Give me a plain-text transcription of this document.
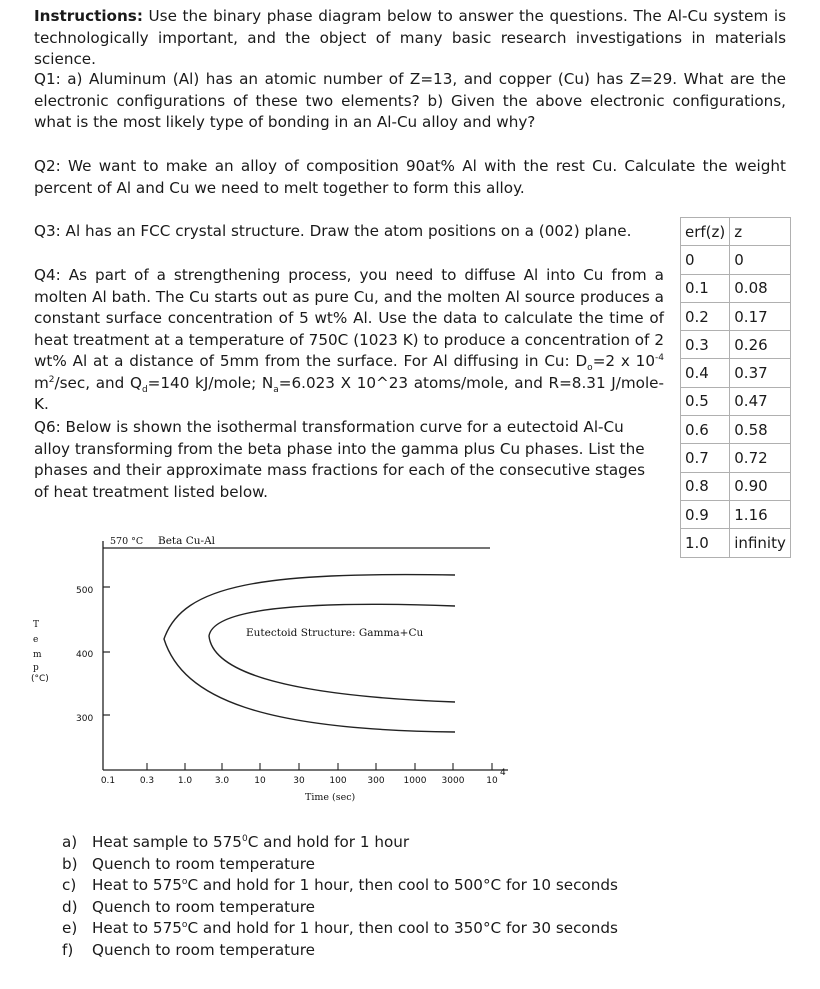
Instructions: Use the binary phase diagram below to answer the questions. The Al-Cu system is technologically important, and the object of many basic research investigations in materials science.
Q1: a) Aluminum (Al) has an atomic number of Z=13, and copper (Cu) has Z=29. What are the electronic configurations of these two elements? b) Given the above electronic configurations, what is the most likely type of bonding in an Al-Cu alloy and why?
Q2: We want to make an alloy of composition 90at% Al with the rest Cu. Calculate the weight percent of Al and Cu we need to melt together to form this alloy.
Q3: Al has an FCC crystal structure. Draw the atom positions on a (002) plane.
Q4: As part of a strengthening process, you need to diffuse Al into Cu from a molten Al bath. The Cu starts out as pure Cu, and the molten Al source produces a constant surface concentration of 5 wt% Al. Use the data to calculate the time of heat treatment at a temperature of 750C (1023 K) to produce a concentration of 2 wt% Al at a distance of 5mm from the surface. For Al diffusing in Cu: $D_o=2$ x $10^{-4}$ $m^2/\sec$, and $Q_d=140$ kJ/mole; $N_a=6.023$ X 10^23 atoms/mole, and R=8.31 J/mole-K.
Q6: Below is shown the isothermal transformation curve for a eutectoid Al-Cu alloy transforming from the beta phase into the gamma plus Cu phases. List the phases and their approximate mass fractions for each of the consecutive stages of heat treatment listed below.
erf(z)	z
0	0
0.1	0.08
0.2	0.17
0.3	0.26
0.4	0.37
0.5	0.47
0.6	0.58
0.7	0.72
0.8	0.90
0.9	1.16
1.0	infinity
570 °C Beta Cu-Al
500
400
300
T
e
m
p
(°C)
Eutectoid Structure: Gamma+Cu
0.1	0.3	1.0	3.0	10	30	100 300 1000 3000 10
4
Time (sec)
a) Heat sample to $575^0C$ and hold for 1 hour
b) Quench to room temperature
c)	Heat to 575$^o$C and hold for 1 hour, then cool to 500°C for 10 seconds
d) Quench to room temperature
e) Heat to 575$^o$C and hold for 1 hour, then cool to 350°C for 30 seconds
f)	Quench to room temperature
